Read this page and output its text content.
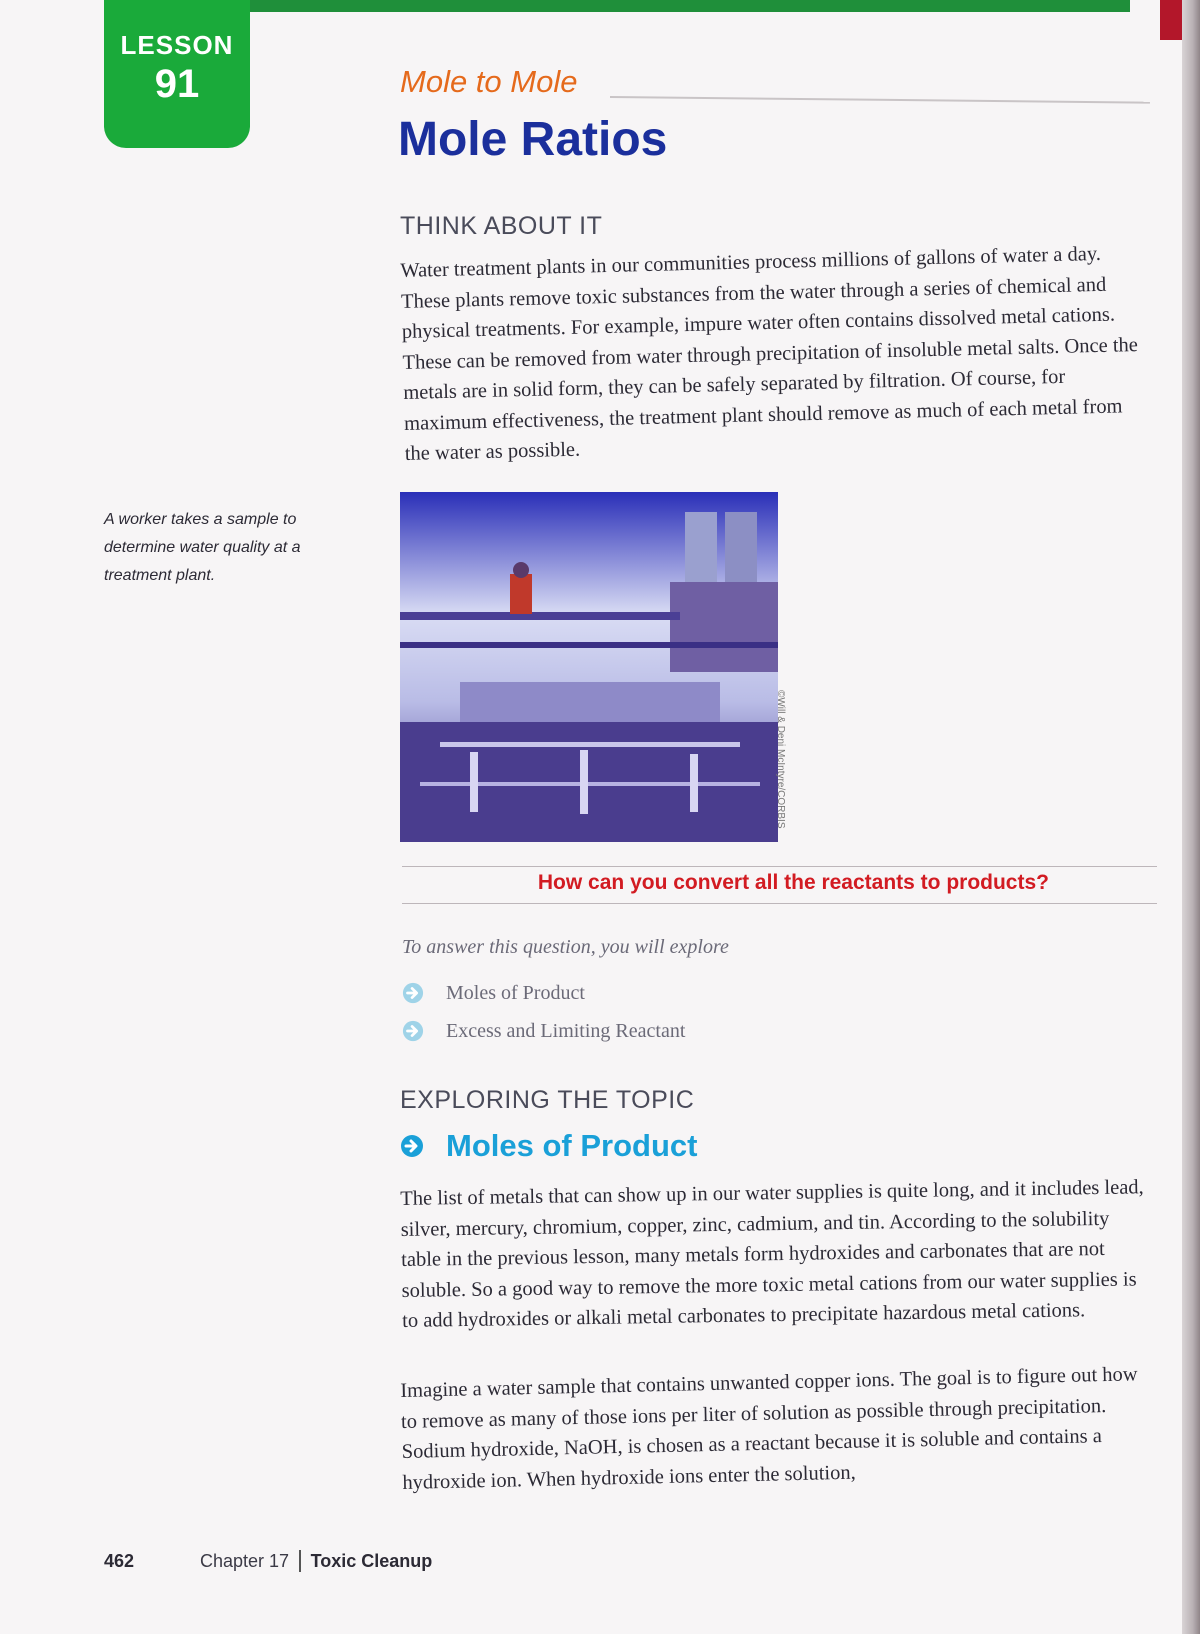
LESSON
91	Mole to Mole
Mole Ratios
THINK ABOUT IT

Water treatment plants in our communities process millions of gallons of water a day. These plants remove toxic substances from the water through a series of chemical and physical treatments. For example, impure water often contains dissolved metal cations. These can be removed from water through precipitation of insoluble metal salts. Once the metals are in solid form, they can be safely separated by filtration. Of course, for maximum effectiveness, the treatment plant should remove as much of each metal from the water as possible.

A worker takes a sample to determine water quality at a treatment plant.
©Will & Deni McIntyre/CORBIS
How can you convert all the reactants to products?
To answer this question, you will explore
Moles of Product
Excess and Limiting Reactant
EXPLORING THE TOPIC
Moles of Product

The list of metals that can show up in our water supplies is quite long, and it includes lead, silver, mercury, chromium, copper, zinc, cadmium, and tin. According to the solubility table in the previous lesson, many metals form hydroxides and carbonates that are not soluble. So a good way to remove the more toxic metal cations from our water supplies is to add hydroxides or alkali metal carbonates to precipitate hazardous metal cations.

Imagine a water sample that contains unwanted copper ions. The goal is to figure out how to remove as many of those ions per liter of solution as possible through precipitation. Sodium hydroxide, NaOH, is chosen as a reactant because it is soluble and contains a hydroxide ion. When hydroxide ions enter the solution,

462	Chapter 17 Toxic Cleanup
